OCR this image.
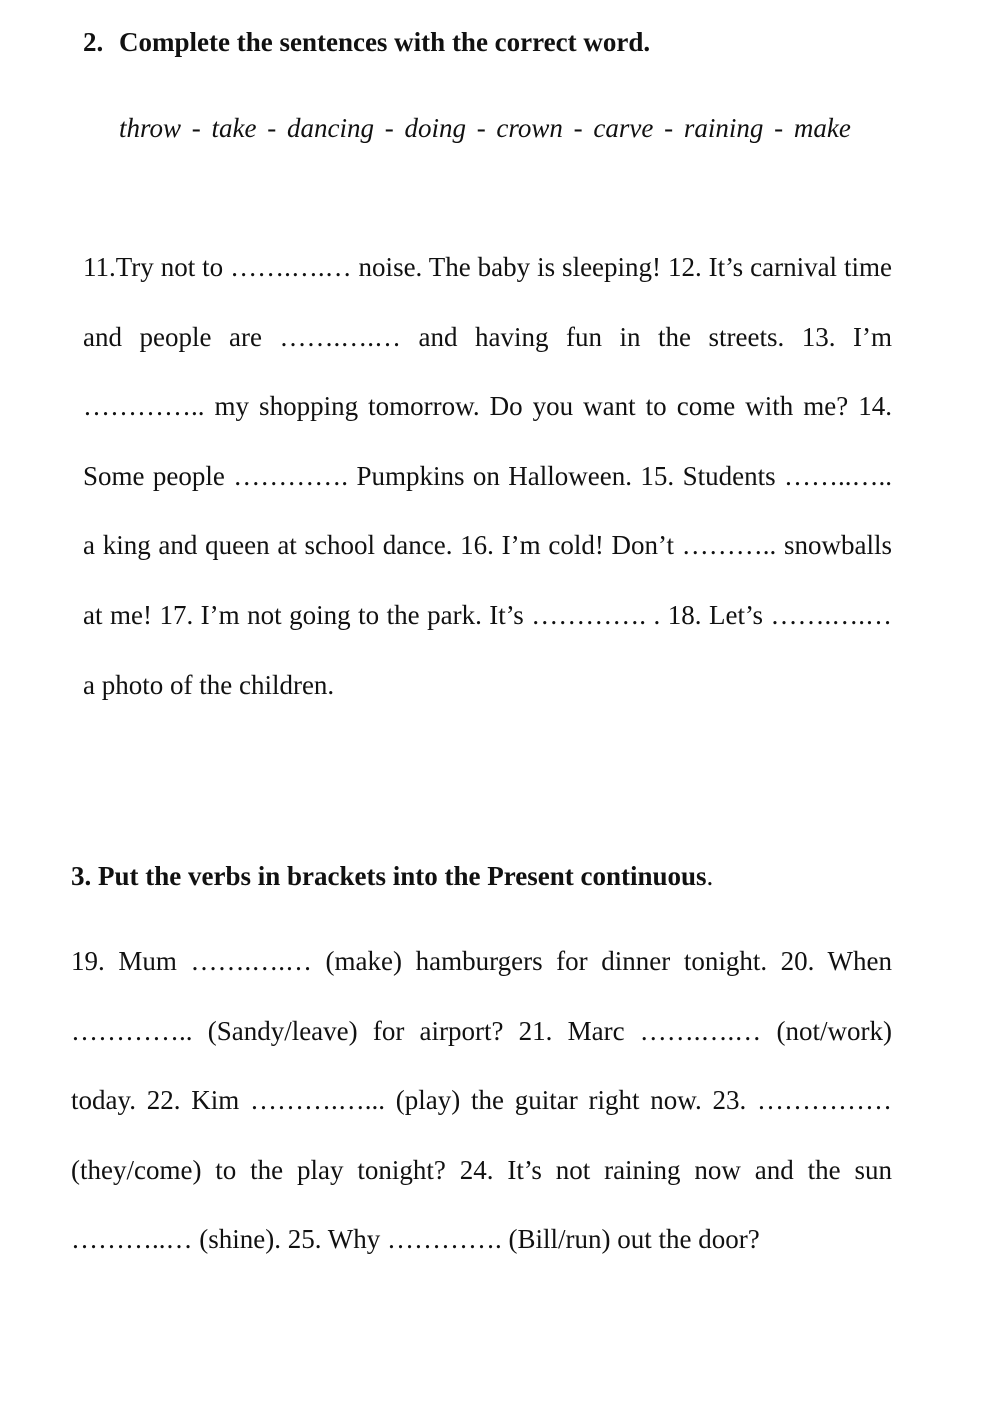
2. Complete the sentences with the correct word.

throw - take - dancing - doing - crown - carve - raining - make

11.Try not to …….….… noise. The baby is sleeping! 12. It’s carnival time and people are …….….… and having fun in the streets. 13. I’m ………….. my shopping tomorrow. Do you want to come with me? 14. Some people …………. Pumpkins on Halloween. 15. Students ……..….. a king and queen at school dance. 16. I’m cold! Don’t ……….. snowballs at me! 17. I’m not going to the park. It’s …………. . 18. Let’s …….….… a photo of the children.

3. Put the verbs in brackets into the Present continuous.

19. Mum …….….… (make) hamburgers for dinner tonight. 20. When ………….. (Sandy/leave) for airport? 21. Marc …….….… (not/work) today. 22. Kim ……….…... (play) the guitar right now. 23. …………… (they/come) to the play tonight? 24. It’s not raining now and the sun ………..… (shine). 25. Why …………. (Bill/run) out the door?
